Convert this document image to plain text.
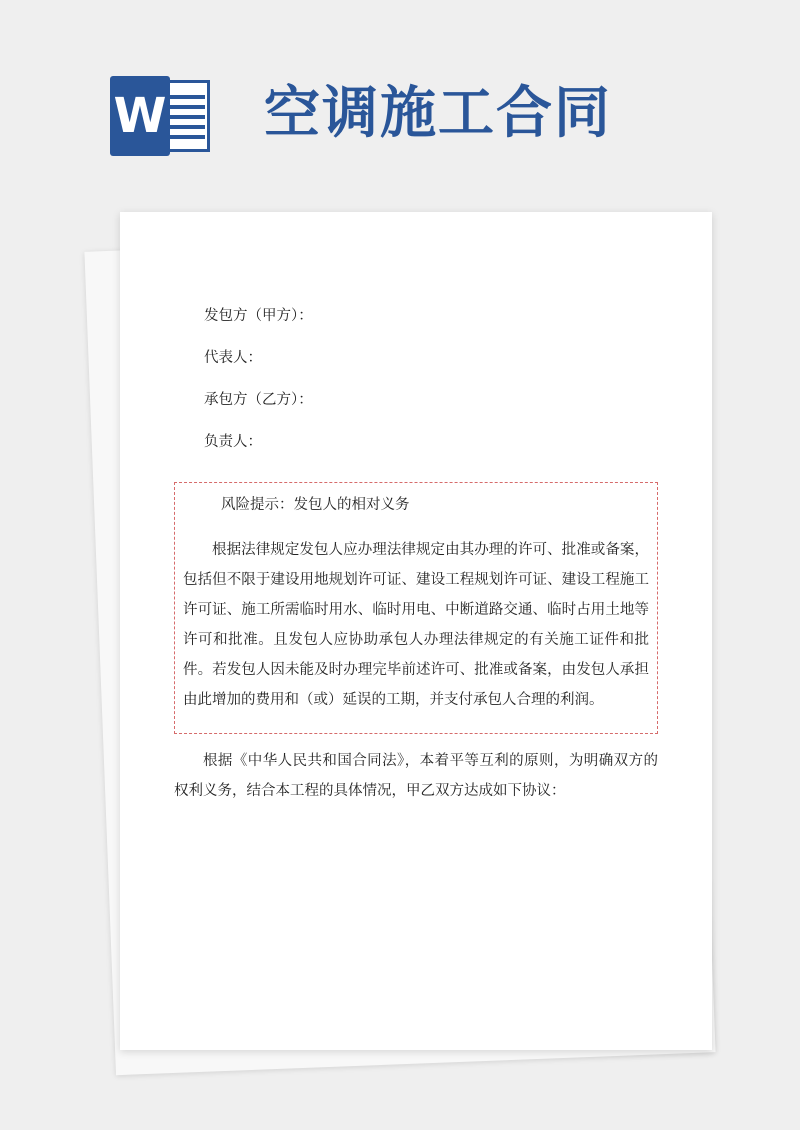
W 空调施工合同
发包方（甲方）：
代表人：
承包方（乙方）：
负责人：
风险提示：发包人的相对义务
根据法律规定发包人应办理法律规定由其办理的许可、批准或备案，包括但不限于建设用地规划许可证、建设工程规划许可证、建设工程施工许可证、施工所需临时用水、临时用电、中断道路交通、临时占用土地等许可和批准。且发包人应协助承包人办理法律规定的有关施工证件和批件。若发包人因未能及时办理完毕前述许可、批准或备案，由发包人承担由此增加的费用和（或）延误的工期，并支付承包人合理的利润。
根据《中华人民共和国合同法》，本着平等互利的原则，为明确双方的权利义务，结合本工程的具体情况，甲乙双方达成如下协议：
